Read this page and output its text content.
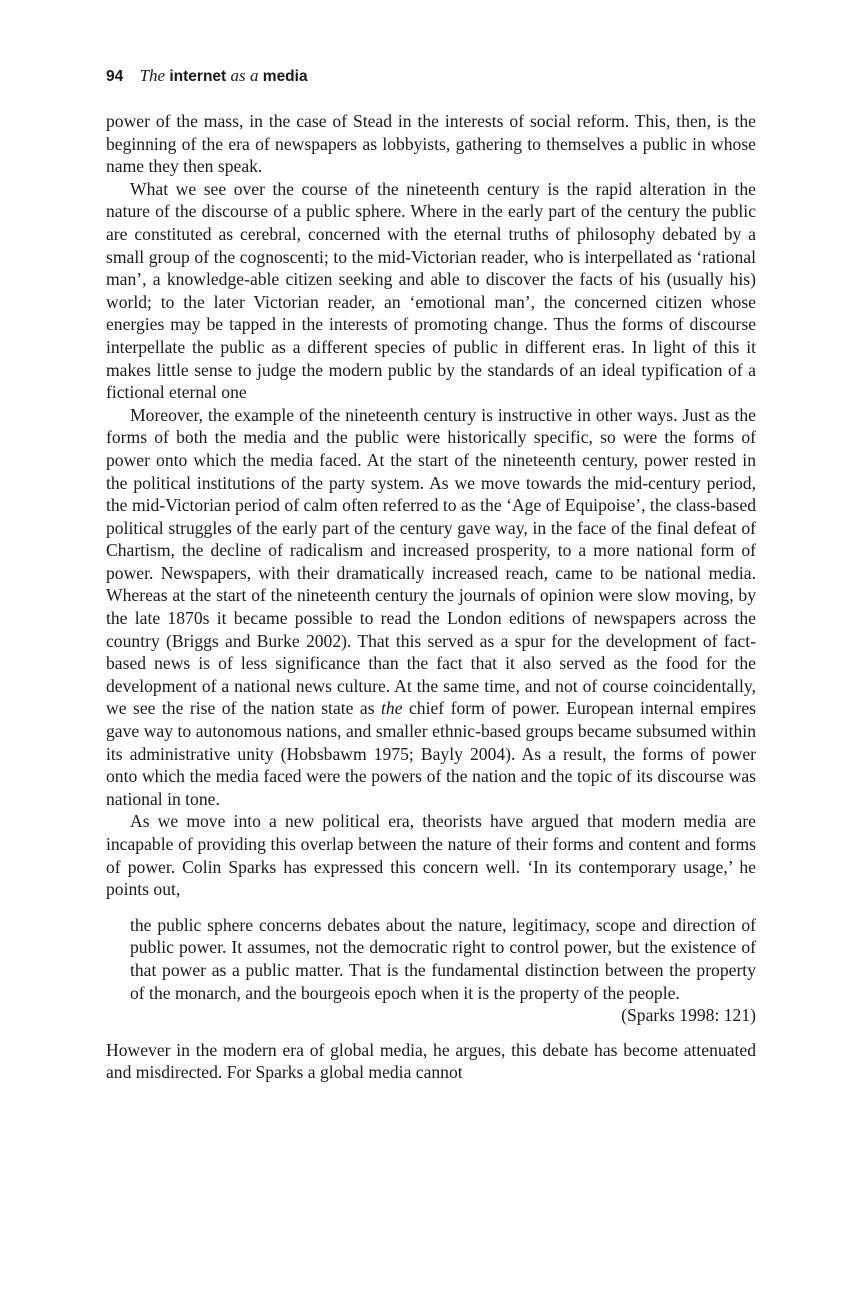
94 The internet as a media

power of the mass, in the case of Stead in the interests of social reform. This, then, is the beginning of the era of newspapers as lobbyists, gathering to themselves a public in whose name they then speak.

What we see over the course of the nineteenth century is the rapid alteration in the nature of the discourse of a public sphere. Where in the early part of the century the public are constituted as cerebral, concerned with the eternal truths of philosophy debated by a small group of the cognoscenti; to the mid-Victorian reader, who is interpellated as ‘rational man’, a knowledge-able citizen seeking and able to discover the facts of his (usually his) world; to the later Victorian reader, an ‘emotional man’, the concerned citizen whose energies may be tapped in the interests of promoting change. Thus the forms of discourse interpellate the public as a different species of public in different eras. In light of this it makes little sense to judge the modern public by the standards of an ideal typification of a fictional eternal one

Moreover, the example of the nineteenth century is instructive in other ways. Just as the forms of both the media and the public were historically specific, so were the forms of power onto which the media faced. At the start of the nineteenth century, power rested in the political institutions of the party system. As we move towards the mid-century period, the mid-Victorian period of calm often referred to as the ‘Age of Equipoise’, the class-based political struggles of the early part of the century gave way, in the face of the final defeat of Chartism, the decline of radicalism and increased prosperity, to a more national form of power. Newspapers, with their dramatically increased reach, came to be national media. Whereas at the start of the nineteenth century the journals of opinion were slow moving, by the late 1870s it became possible to read the London editions of newspapers across the country (Briggs and Burke 2002). That this served as a spur for the development of fact-based news is of less significance than the fact that it also served as the food for the development of a national news culture. At the same time, and not of course coincidentally, we see the rise of the nation state as the chief form of power. European internal empires gave way to autonomous nations, and smaller ethnic-based groups became subsumed within its administrative unity (Hobsbawm 1975; Bayly 2004). As a result, the forms of power onto which the media faced were the powers of the nation and the topic of its discourse was national in tone.

As we move into a new political era, theorists have argued that modern media are incapable of providing this overlap between the nature of their forms and content and forms of power. Colin Sparks has expressed this concern well. ‘In its contemporary usage,’ he points out,

the public sphere concerns debates about the nature, legitimacy, scope and direction of public power. It assumes, not the democratic right to control power, but the existence of that power as a public matter. That is the fundamental distinction between the property of the monarch, and the bourgeois epoch when it is the property of the people.
(Sparks 1998: 121)

However in the modern era of global media, he argues, this debate has become attenuated and misdirected. For Sparks a global media cannot
